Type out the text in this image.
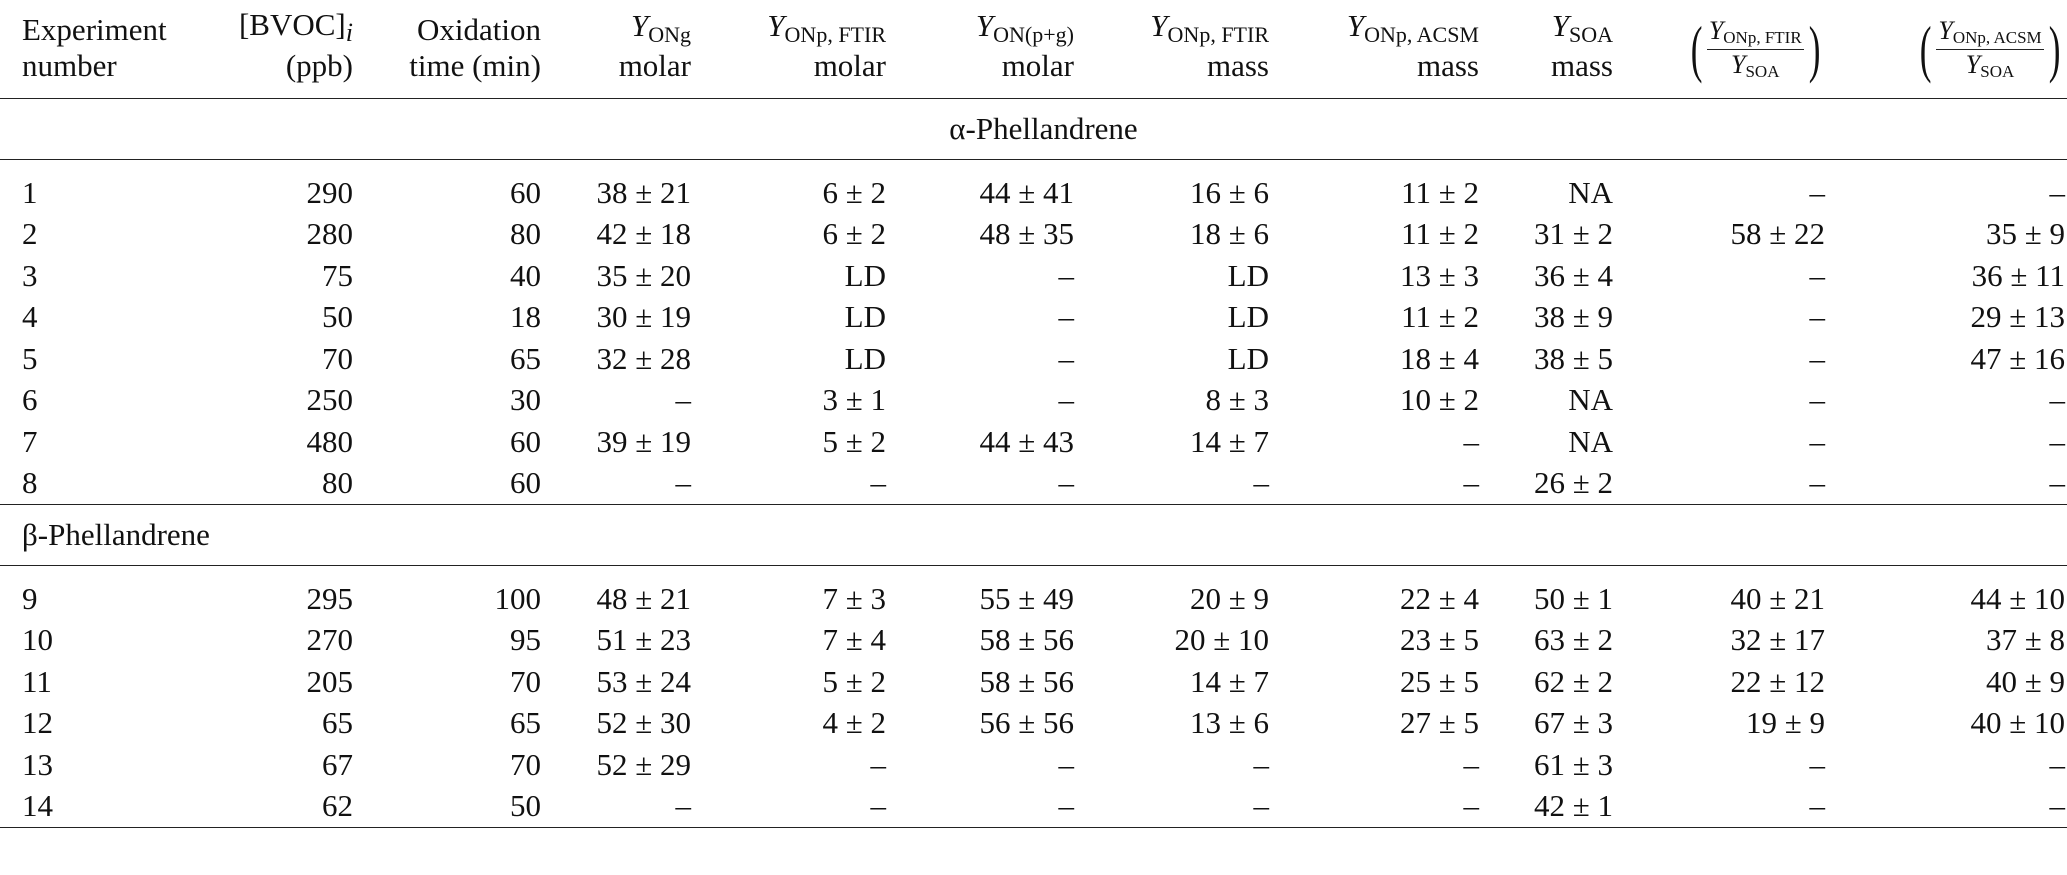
Experiment	[BVOC]i	Oxidation	$Y_{ONg}$	$Y_{ONp, FTIR}$	$Y_{ON(p+g)}$	$Y_{ONp, FTIR}$	$Y_{ONp, ACSM}$	$Y_{SOA}$	( $\frac{\text{YONp, FTIR}}{\text{YSOA}}$ )	( $\frac{\text{YONp, ACSM}}{\text{YSOA}}$ )

number	(ppb)	time (min)	molar	molar	molar	mass	mass	mass		
α-Phellandrene										

1	290	60	38 ± 21	6 ± 2	44 ± 41	16 ± 6	11 ± 2	NA	–	–
2	280	80	42 ± 18	6 ± 2	48 ± 35	18 ± 6	11 ± 2	31 ± 2	58 ± 22	35 ± 9
3	75	40	35 ± 20	LD	–	LD	13 ± 3	36 ± 4	–	36 ± 11
4	50	18	30 ± 19	LD	–	LD	11 ± 2	38 ± 9	–	29 ± 13
5	70	65	32 ± 28	LD	–	LD	18 ± 4	38 ± 5	–	47 ± 16
6	250	30	–	3 ± 1	–	8 ± 3	10 ± 2	NA	–	–
7	480	60	39 ± 19	5 ± 2	44 ± 43	14 ± 7	–	NA	–	–
8	80	60	–	–	–	–	–	26 ± 2	–	–
β-Phellandrene										

9	295	100	48 ± 21	7 ± 3	55 ± 49	20 ± 9	22 ± 4	50 ± 1	40 ± 21	44 ± 10
10	270	95	51 ± 23	7 ± 4	58 ± 56	20 ± 10	23 ± 5	63 ± 2	32 ± 17	37 ± 8
11	205	70	53 ± 24	5 ± 2	58 ± 56	14 ± 7	25 ± 5	62 ± 2	22 ± 12	40 ± 9
12	65	65	52 ± 30	4 ± 2	56 ± 56	13 ± 6	27 ± 5	67 ± 3	19 ± 9	40 ± 10
13	67	70	52 ± 29	–	–	–	–	61 ± 3	–	–
14	62	50	–	–	–	–	–	42 ± 1	–	–
